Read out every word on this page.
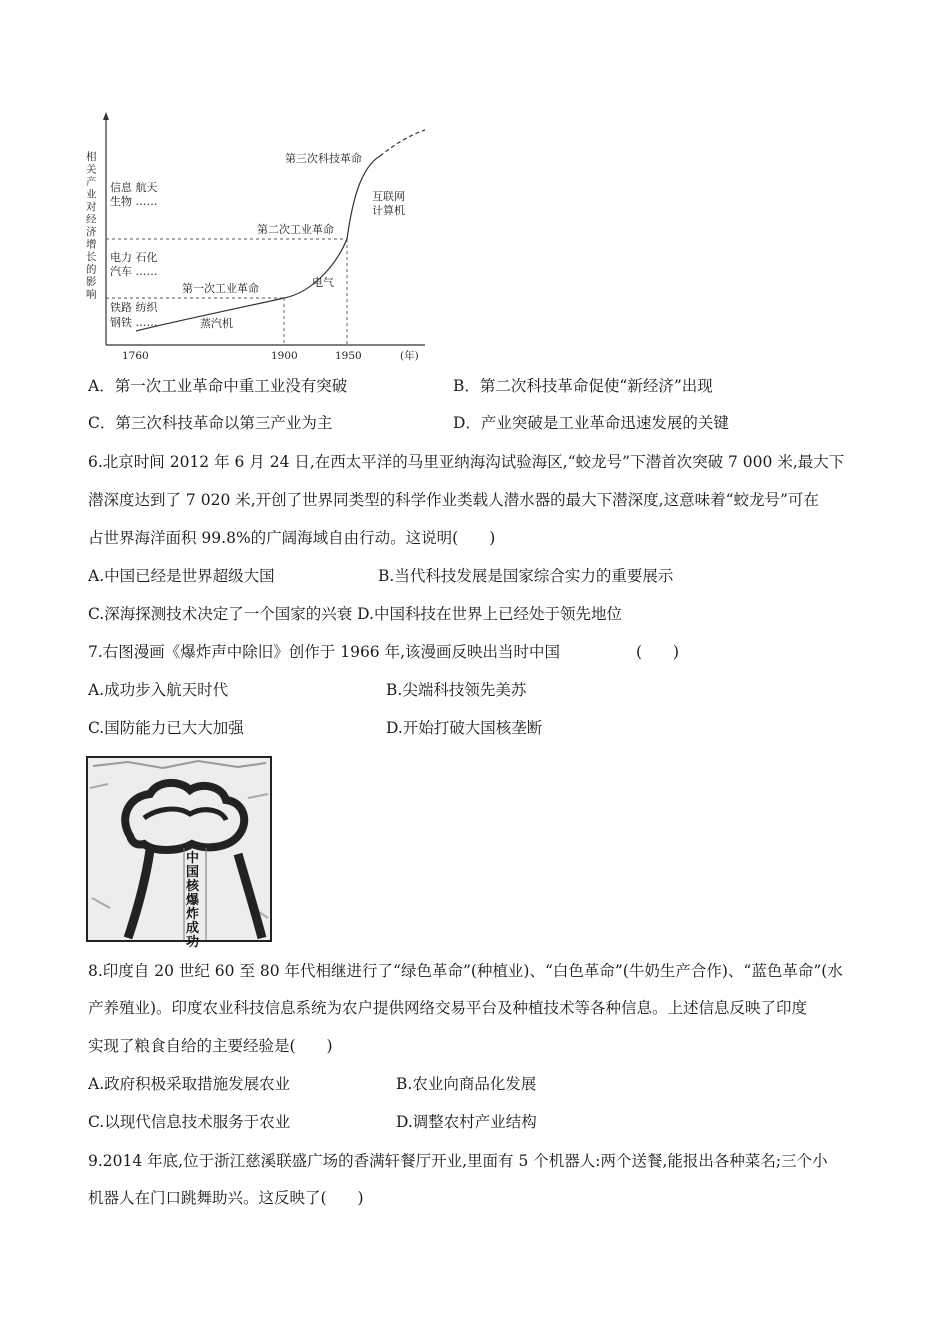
相关产业对经济增长的影响
1760	1900	1950	(年)
第一次工业革命
蒸汽机
铁路 纺织
钢铁 ……
第二次工业革命
电气
电力 石化
汽车 ……
第三次科技革命
互联网
计算机
信息 航天
生物 ……
A．第一次工业革命中重工业没有突破	B．第二次科技革命促使“新经济”出现
C．第三次科技革命以第三产业为主	D．产业突破是工业革命迅速发展的关键
6.北京时间 2012 年 6 月 24 日,在西太平洋的马里亚纳海沟试验海区,“蛟龙号”下潜首次突破 7 000 米,最大下
潜深度达到了 7 020 米,开创了世界同类型的科学作业类载人潜水器的最大下潜深度,这意味着“蛟龙号”可在
占世界海洋面积 99.8%的广阔海域自由行动。这说明(　　)
A.中国已经是世界超级大国	B.当代科技发展是国家综合实力的重要展示
C.深海探测技术决定了一个国家的兴衰 D.中国科技在世界上已经处于领先地位
7.右图漫画《爆炸声中除旧》创作于 1966 年,该漫画反映出当时中国	(　　)
A.成功步入航天时代	B.尖端科技领先美苏
C.国防能力已大大加强	D.开始打破大国核垄断
中国核爆炸成功
8.印度自 20 世纪 60 至 80 年代相继进行了“绿色革命”(种植业)、“白色革命”(牛奶生产合作)、“蓝色革命”(水
产养殖业)。印度农业科技信息系统为农户提供网络交易平台及种植技术等各种信息。上述信息反映了印度
实现了粮食自给的主要经验是(　　)
A.政府积极采取措施发展农业	B.农业向商品化发展
C.以现代信息技术服务于农业	D.调整农村产业结构
9.2014 年底,位于浙江慈溪联盛广场的香满轩餐厅开业,里面有 5 个机器人:两个送餐,能报出各种菜名;三个小
机器人在门口跳舞助兴。这反映了(　　)
